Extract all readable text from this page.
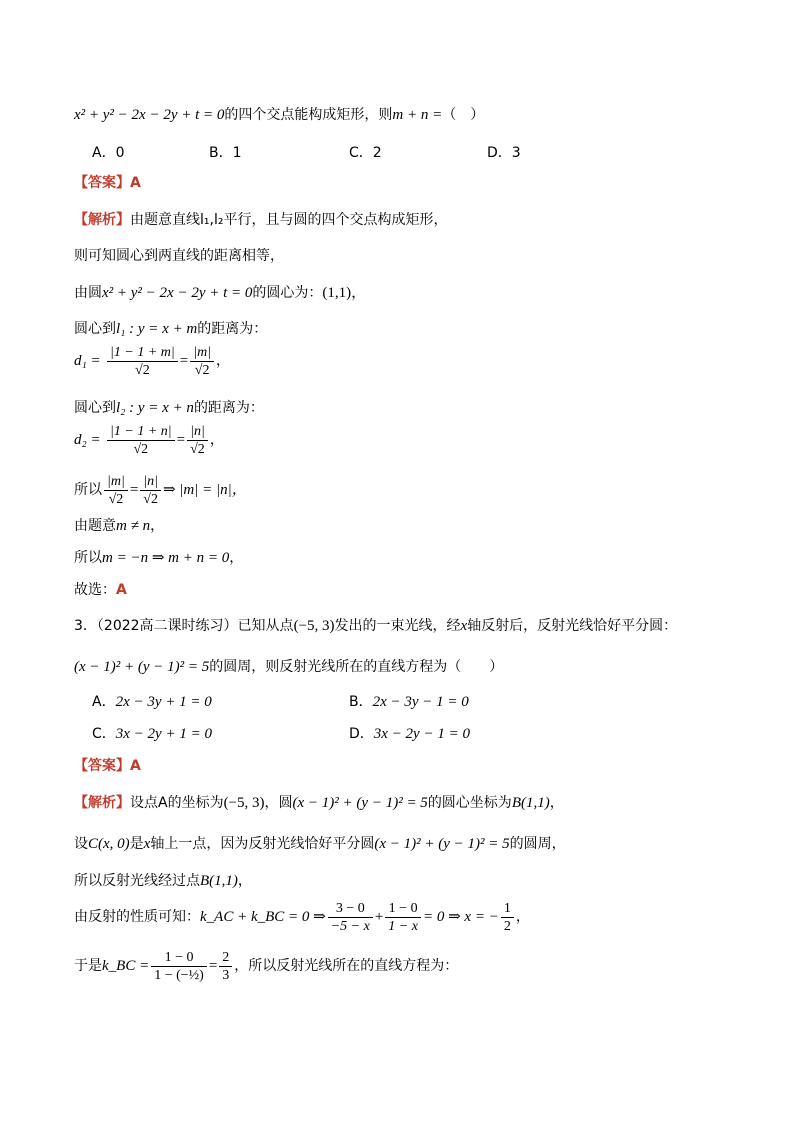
x² + y² − 2x − 2y + t = 0的四个交点能构成矩形，则m + n =（　）
A．0	B．1	C．2	D．3
【答案】A
【解析】由题意直线l₁,l₂平行，且与圆的四个交点构成矩形，
则可知圆心到两直线的距离相等，
由圆x² + y² − 2x − 2y + t = 0的圆心为：(1,1)，
圆心到l₁ : y = x + m的距离为：
$d_1 = \frac{|1 - 1 + m|}{√2} = \frac{|m|}{√2}$ ，
圆心到l₂ : y = x + n的距离为：
$d_2 = \frac{|1 - 1 + n|}{√2} = \frac{|n|}{√2}$ ，
所以 $\frac{|m|}{√2} = \frac{|n|}{√2}$ ⇒ |m| = |n|，
由题意m ≠ n，
所以m = −n ⇒ m + n = 0，
故选：A
3．（2022高二课时练习）已知从点(−5, 3)发出的一束光线，经x轴反射后，反射光线恰好平分圆：
(x − 1)² + (y − 1)² = 5的圆周，则反射光线所在的直线方程为（　　）
A．2x − 3y + 1 = 0	B．2x − 3y − 1 = 0
C．3x − 2y + 1 = 0	D．3x − 2y − 1 = 0
【答案】A
【解析】设点A的坐标为(−5, 3)，圆(x − 1)² + (y − 1)² = 5的圆心坐标为B(1,1)，
设C(x, 0)是x轴上一点，因为反射光线恰好平分圆(x − 1)² + (y − 1)² = 5的圆周，
所以反射光线经过点B(1,1)，
由反射的性质可知：k_AC + k_BC = 0 ⇒ $\frac{3 - 0}{-5 - x} + \frac{1 - 0}{1 - x} = 0$ ⇒ x = − $\frac{1}{2}$ ，
于是k_BC = $\frac{1 - 0}{\text{1 − (−½)}} = \frac{2}{3}$ ，所以反射光线所在的直线方程为：
